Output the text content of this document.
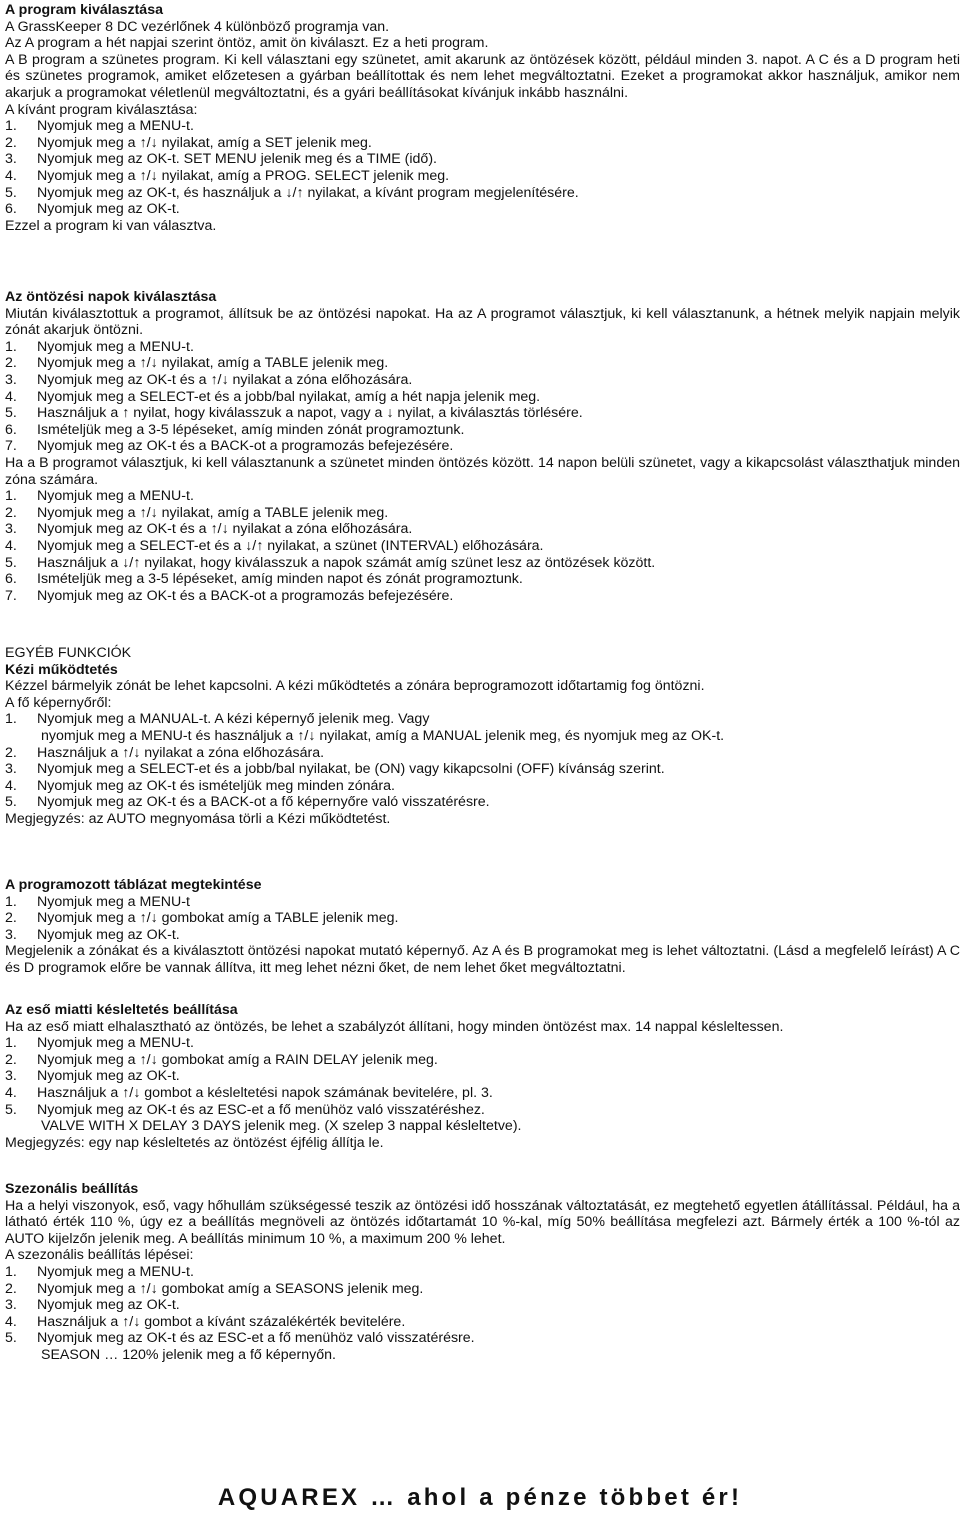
A program kiválasztása
A GrassKeeper 8 DC vezérlőnek 4 különböző programja van.
Az A program a hét napjai szerint öntöz, amit ön kiválaszt. Ez a heti program.
A B program a szünetes program. Ki kell választani egy szünetet, amit akarunk az öntözések között, például minden 3. napot. A C és a D program heti és szünetes programok, amiket előzetesen a gyárban beállítottak és nem lehet megváltoztatni. Ezeket a programokat akkor használjuk, amikor nem akarjuk a programokat véletlenül megváltoztatni, és a gyári beállításokat kívánjuk inkább használni.
A kívánt program kiválasztása:
1. Nyomjuk meg a MENU-t.
2. Nyomjuk meg a ↑/↓ nyilakat, amíg a SET jelenik meg.
3. Nyomjuk meg az OK-t. SET MENU jelenik meg és a TIME (idő).
4. Nyomjuk meg a ↑/↓ nyilakat, amíg a PROG. SELECT jelenik meg.
5. Nyomjuk meg az OK-t, és használjuk a ↓/↑ nyilakat, a kívánt program megjelenítésére.
6. Nyomjuk meg az OK-t.
Ezzel a program ki van választva.
Az öntözési napok kiválasztása
Miután kiválasztottuk a programot, állítsuk be az öntözési napokat. Ha az A programot választjuk, ki kell választanunk, a hétnek melyik napjain melyik zónát akarjuk öntözni.
1. Nyomjuk meg a MENU-t.
2. Nyomjuk meg a ↑/↓ nyilakat, amíg a TABLE jelenik meg.
3. Nyomjuk meg az OK-t és a ↑/↓ nyilakat a zóna előhozására.
4. Nyomjuk meg a SELECT-et és a jobb/bal nyilakat, amíg a hét napja jelenik meg.
5. Használjuk a ↑ nyilat, hogy kiválasszuk a napot, vagy a ↓ nyilat, a kiválasztás törlésére.
6. Ismételjük meg a 3-5 lépéseket, amíg minden zónát programoztunk.
7. Nyomjuk meg az OK-t és a BACK-ot a programozás befejezésére.
Ha a B programot választjuk, ki kell választanunk a szünetet minden öntözés között. 14 napon belüli szünetet, vagy a kikapcsolást választhatjuk minden zóna számára.
1. Nyomjuk meg a MENU-t.
2. Nyomjuk meg a ↑/↓ nyilakat, amíg a TABLE jelenik meg.
3. Nyomjuk meg az OK-t és a ↑/↓ nyilakat a zóna előhozására.
4. Nyomjuk meg a SELECT-et és a ↓/↑ nyilakat, a szünet (INTERVAL) előhozására.
5. Használjuk a ↓/↑ nyilakat, hogy kiválasszuk a napok számát amíg szünet lesz az öntözések között.
6. Ismételjük meg a 3-5 lépéseket, amíg minden napot és zónát programoztunk.
7. Nyomjuk meg az OK-t és a BACK-ot a programozás befejezésére.
EGYÉB FUNKCIÓK
Kézi működtetés
Kézzel bármelyik zónát be lehet kapcsolni. A kézi működtetés a zónára beprogramozott időtartamig fog öntözni.
A fő képernyőről:
1. Nyomjuk meg a MANUAL-t. A kézi képernyő jelenik meg. Vagy
nyomjuk meg a MENU-t és használjuk a ↑/↓ nyilakat, amíg a MANUAL jelenik meg, és nyomjuk meg az OK-t.
2. Használjuk a ↑/↓ nyilakat a zóna előhozására.
3. Nyomjuk meg a SELECT-et és a jobb/bal nyilakat, be (ON) vagy kikapcsolni (OFF) kívánság szerint.
4. Nyomjuk meg az OK-t és ismételjük meg minden zónára.
5. Nyomjuk meg az OK-t és a BACK-ot a fő képernyőre való visszatérésre.
Megjegyzés: az AUTO megnyomása törli a Kézi működtetést.
A programozott táblázat megtekintése
1. Nyomjuk meg a MENU-t
2. Nyomjuk meg a ↑/↓ gombokat amíg a TABLE jelenik meg.
3. Nyomjuk meg az OK-t.
Megjelenik a zónákat és a kiválasztott öntözési napokat mutató képernyő. Az A és B programokat meg is lehet változtatni. (Lásd a megfelelő leírást) A C és D programok előre be vannak állítva, itt meg lehet nézni őket, de nem lehet őket megváltoztatni.
Az eső miatti késleltetés beállítása
Ha az eső miatt elhalasztható az öntözés, be lehet a szabályzót állítani, hogy minden öntözést max. 14 nappal késleltessen.
1. Nyomjuk meg a MENU-t.
2. Nyomjuk meg a ↑/↓ gombokat amíg a RAIN DELAY jelenik meg.
3. Nyomjuk meg az OK-t.
4. Használjuk a ↑/↓ gombot a késleltetési napok számának bevitelére, pl. 3.
5. Nyomjuk meg az OK-t és az ESC-et a fő menühöz való visszatéréshez.
VALVE WITH X DELAY 3 DAYS jelenik meg. (X szelep 3 nappal késleltetve).
Megjegyzés: egy nap késleltetés az öntözést éjfélig állítja le.
Szezonális beállítás
Ha a helyi viszonyok, eső, vagy hőhullám szükségessé teszik az öntözési idő hosszának változtatását, ez megtehető egyetlen átállítással. Például, ha a látható érték 110 %, úgy ez a beállítás megnöveli az öntözés időtartamát 10 %-kal, míg 50% beállítása megfelezi azt. Bármely érték a 100 %-tól az AUTO kijelzőn jelenik meg. A beállítás minimum 10 %, a maximum 200 % lehet.
A szezonális beállítás lépései:
1. Nyomjuk meg a MENU-t.
2. Nyomjuk meg a ↑/↓ gombokat amíg a SEASONS jelenik meg.
3. Nyomjuk meg az OK-t.
4. Használjuk a ↑/↓ gombot a kívánt százalékérték bevitelére.
5. Nyomjuk meg az OK-t és az ESC-et a fő menühöz való visszatérésre.
SEASON … 120% jelenik meg a fő képernyőn.
AQUAREX … ahol a pénze többet ér!
